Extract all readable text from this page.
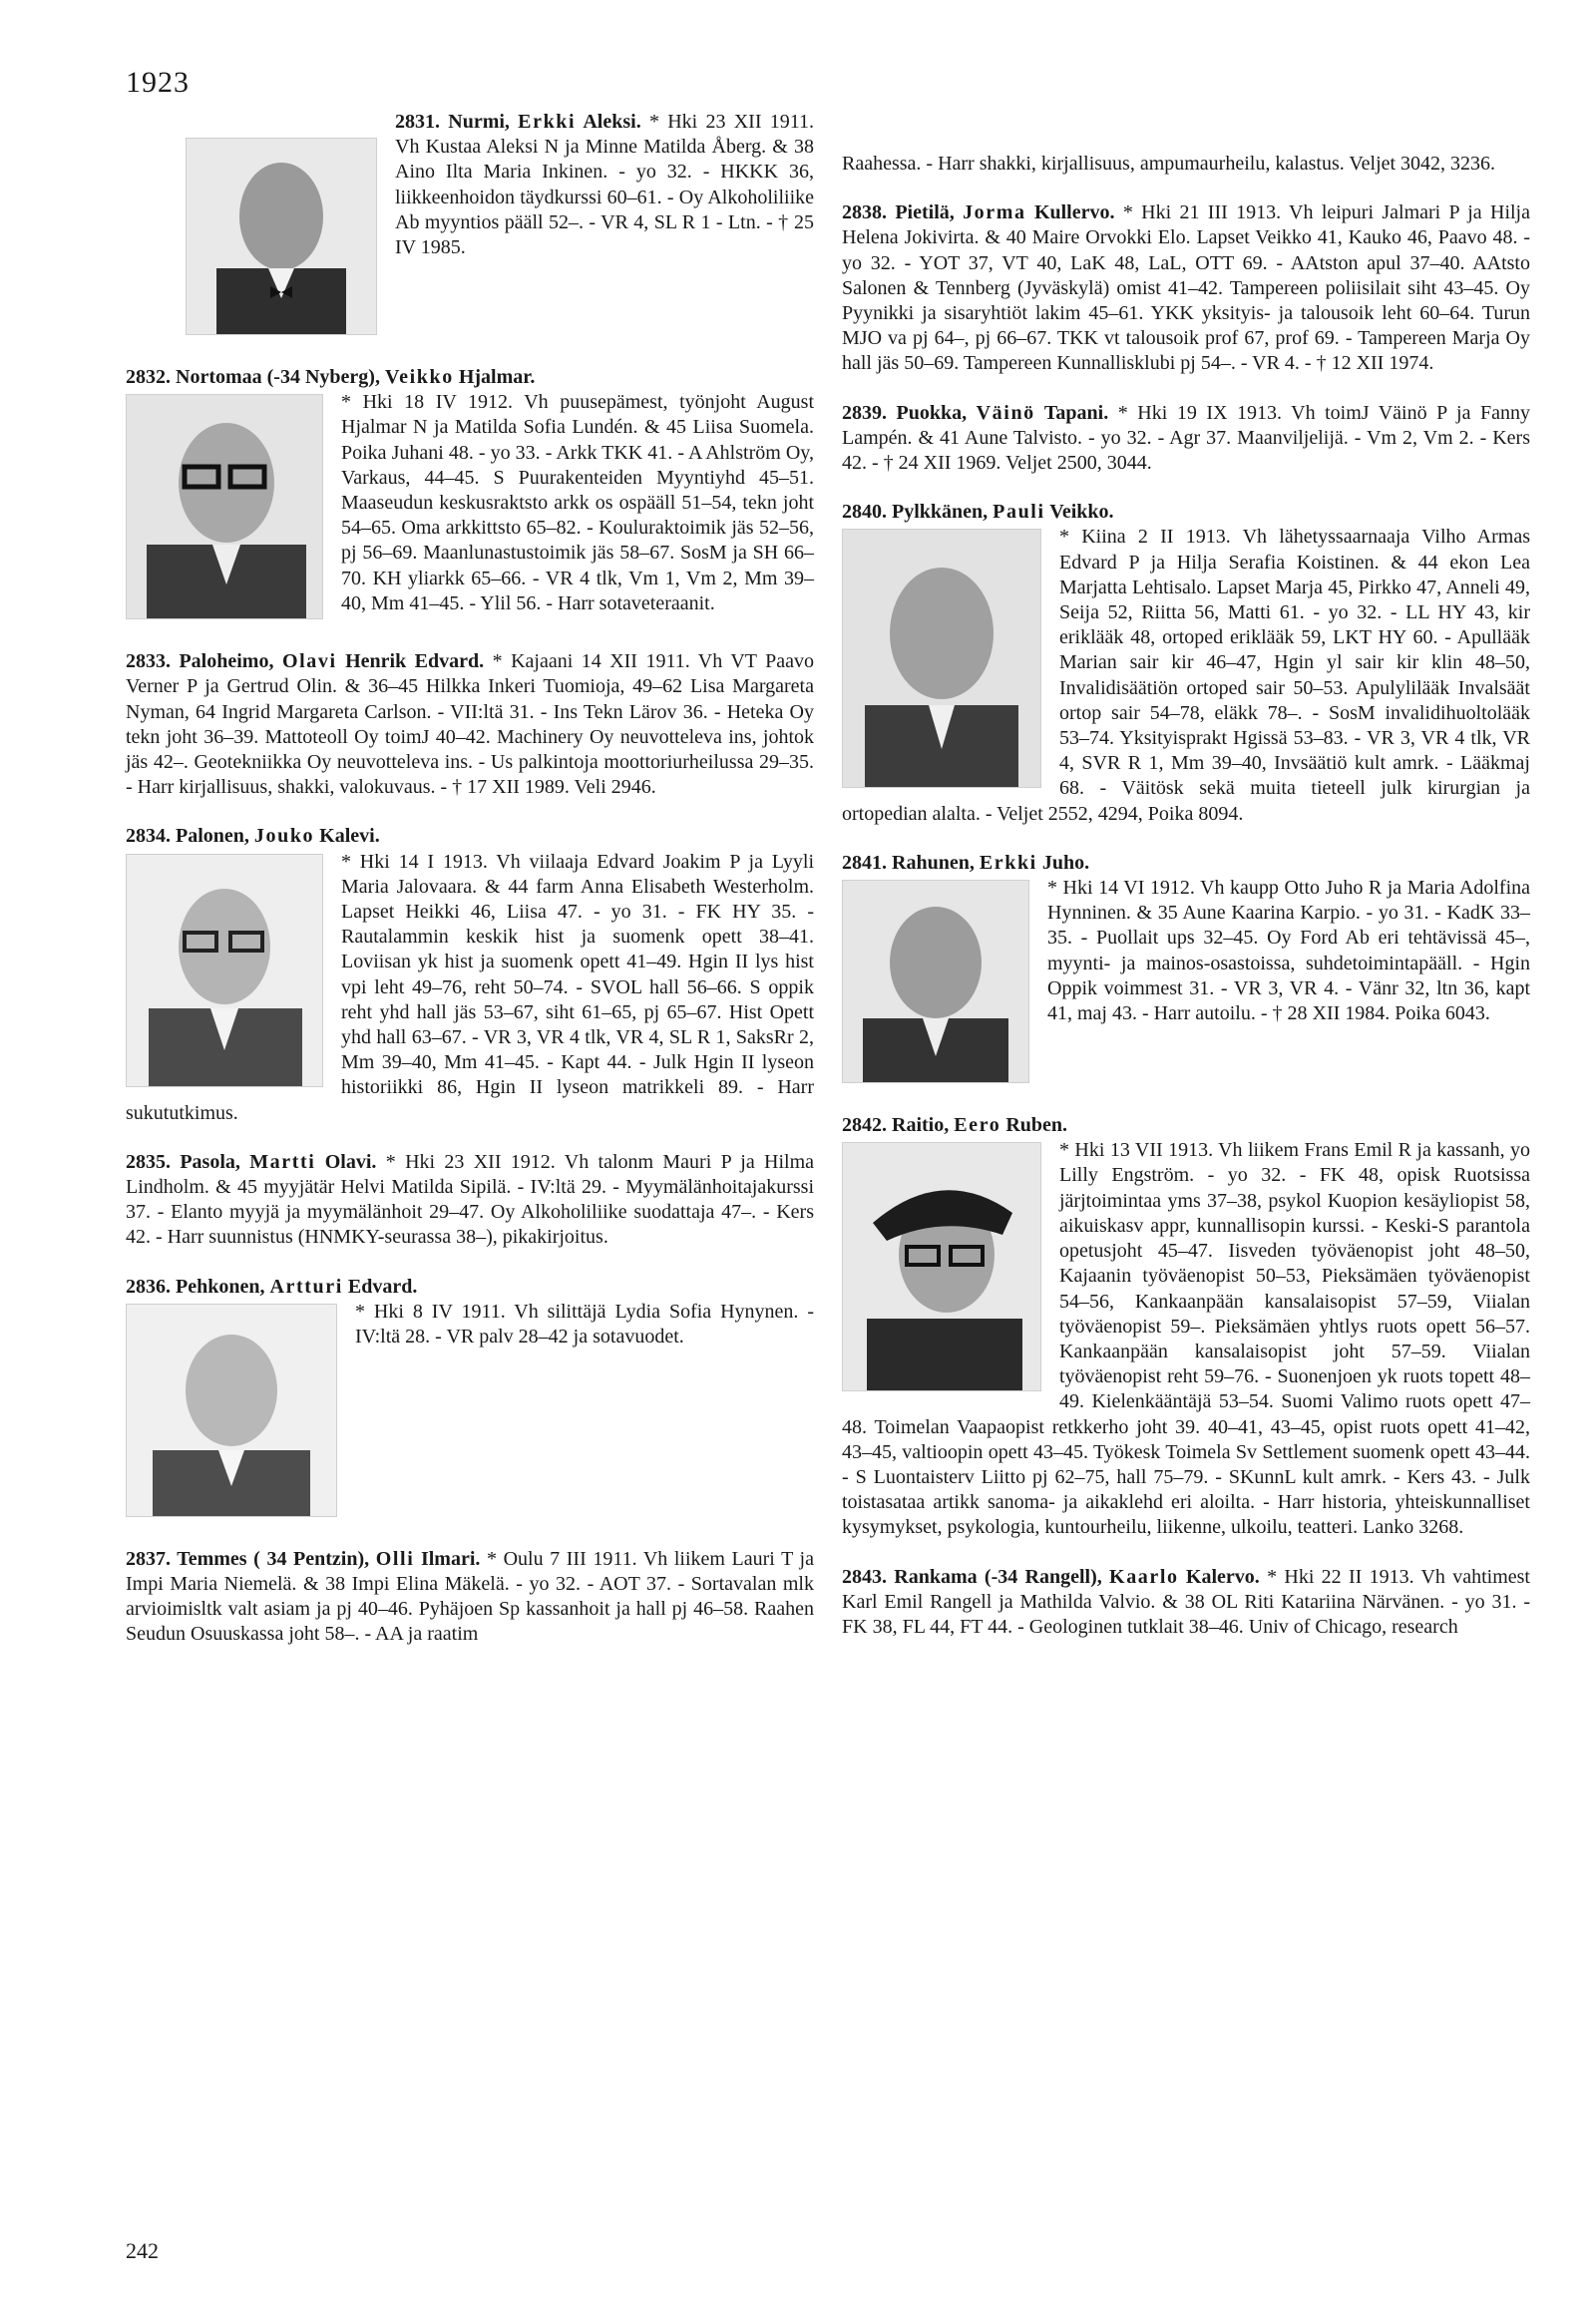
1923

2831. Nurmi, Erkki Aleksi. * Hki 23 XII 1911. Vh Kustaa Aleksi N ja Minne Matilda Åberg. & 38 Aino Ilta Maria Inkinen. - yo 32. - HKKK 36, liikkeenhoidon täydkurssi 60–61. - Oy Alkoholiliike Ab myyntios pääll 52–. - VR 4, SL R 1 - Ltn. - † 25 IV 1985.

2832. Nortomaa (-34 Nyberg), Veikko Hjalmar.

* Hki 18 IV 1912. Vh puusepämest, työnjoht August Hjalmar N ja Matilda Sofia Lundén. & 45 Liisa Suomela. Poika Juhani 48. - yo 33. - Arkk TKK 41. - A Ahlström Oy, Varkaus, 44–45. S Puurakenteiden Myyntiyhd 45–51. Maaseudun keskusraktsto arkk os ospääll 51–54, tekn joht 54–65. Oma arkkittsto 65–82. - Kouluraktoimik jäs 52–56, pj 56–69. Maanlunastustoimik jäs 58–67. SosM ja SH 66–70. KH yliarkk 65–66. - VR 4 tlk, Vm 1, Vm 2, Mm 39–40, Mm 41–45. - Ylil 56. - Harr sotaveteraanit.

2833. Paloheimo, Olavi Henrik Edvard. * Kajaani 14 XII 1911. Vh VT Paavo Verner P ja Gertrud Olin. & 36–45 Hilkka Inkeri Tuomioja, 49–62 Lisa Margareta Nyman, 64 Ingrid Margareta Carlson. - VII:ltä 31. - Ins Tekn Lärov 36. - Heteka Oy tekn joht 36–39. Mattoteoll Oy toimJ 40–42. Machinery Oy neuvotteleva ins, johtok jäs 42–. Geotekniikka Oy neuvotteleva ins. - Us palkintoja moottoriurheilussa 29–35. - Harr kirjallisuus, shakki, valokuvaus. - † 17 XII 1989. Veli 2946.

2834. Palonen, Jouko Kalevi.

* Hki 14 I 1913. Vh viilaaja Edvard Joakim P ja Lyyli Maria Jalovaara. & 44 farm Anna Elisabeth Westerholm. Lapset Heikki 46, Liisa 47. - yo 31. - FK HY 35. - Rautalammin keskik hist ja suomenk opett 38–41. Loviisan yk hist ja suomenk opett 41–49. Hgin II lys hist vpi leht 49–76, reht 50–74. - SVOL hall 56–66. S oppik reht yhd hall jäs 53–67, siht 61–65, pj 65–67. Hist Opett yhd hall 63–67. - VR 3, VR 4 tlk, VR 4, SL R 1, SaksRr 2, Mm 39–40, Mm 41–45. - Kapt 44. - Julk Hgin II lyseon historiikki 86, Hgin II lyseon matrikkeli 89. - Harr sukututkimus.

2835. Pasola, Martti Olavi. * Hki 23 XII 1912. Vh talonm Mauri P ja Hilma Lindholm. & 45 myyjätär Helvi Matilda Sipilä. - IV:ltä 29. - Myymälänhoitajakurssi 37. - Elanto myyjä ja myymälänhoit 29–47. Oy Alkoholiliike suodattaja 47–. - Kers 42. - Harr suunnistus (HNMKY-seurassa 38–), pikakirjoitus.

2836. Pehkonen, Artturi Edvard.

* Hki 8 IV 1911. Vh silittäjä Lydia Sofia Hynynen. - IV:ltä 28. - VR palv 28–42 ja sotavuodet.

2837. Temmes ( 34 Pentzin), Olli Ilmari. * Oulu 7 III 1911. Vh liikem Lauri T ja Impi Maria Niemelä. & 38 Impi Elina Mäkelä. - yo 32. - AOT 37. - Sortavalan mlk arvioimisltk valt asiam ja pj 40–46. Pyhäjoen Sp kassanhoit ja hall pj 46–58. Raahen Seudun Osuuskassa joht 58–. - AA ja raatim

Raahessa. - Harr shakki, kirjallisuus, ampumaurheilu, kalastus. Veljet 3042, 3236.

2838. Pietilä, Jorma Kullervo. * Hki 21 III 1913. Vh leipuri Jalmari P ja Hilja Helena Jokivirta. & 40 Maire Orvokki Elo. Lapset Veikko 41, Kauko 46, Paavo 48. - yo 32. - YOT 37, VT 40, LaK 48, LaL, OTT 69. - AAtston apul 37–40. AAtsto Salonen & Tennberg (Jyväskylä) omist 41–42. Tampereen poliisilait siht 43–45. Oy Pyynikki ja sisaryhtiöt lakim 45–61. YKK yksityis- ja talousoik leht 60–64. Turun MJO va pj 64–, pj 66–67. TKK vt talousoik prof 67, prof 69. - Tampereen Marja Oy hall jäs 50–69. Tampereen Kunnallisklubi pj 54–. - VR 4. - † 12 XII 1974.

2839. Puokka, Väinö Tapani. * Hki 19 IX 1913. Vh toimJ Väinö P ja Fanny Lampén. & 41 Aune Talvisto. - yo 32. - Agr 37. Maanviljelijä. - Vm 2, Vm 2. - Kers 42. - † 24 XII 1969. Veljet 2500, 3044.

2840. Pylkkänen, Pauli Veikko.

* Kiina 2 II 1913. Vh lähetyssaarnaaja Vilho Armas Edvard P ja Hilja Serafia Koistinen. & 44 ekon Lea Marjatta Lehtisalo. Lapset Marja 45, Pirkko 47, Anneli 49, Seija 52, Riitta 56, Matti 61. - yo 32. - LL HY 43, kir eriklääk 48, ortoped eriklääk 59, LKT HY 60. - Apullääk Marian sair kir 46–47, Hgin yl sair kir klin 48–50, Invalidisäätiön ortoped sair 50–53. Apulylilääk Invalsäät ortop sair 54–78, eläkk 78–. - SosM invalidihuoltolääk 53–74. Yksityisprakt Hgissä 53–83. - VR 3, VR 4 tlk, VR 4, SVR R 1, Mm 39–40, Invsäätiö kult amrk. - Lääkmaj 68. - Väitösk sekä muita tieteell julk kirurgian ja ortopedian alalta. - Veljet 2552, 4294, Poika 8094.

2841. Rahunen, Erkki Juho.

* Hki 14 VI 1912. Vh kaupp Otto Juho R ja Maria Adolfina Hynninen. & 35 Aune Kaarina Karpio. - yo 31. - KadK 33–35. - Puollait ups 32–45. Oy Ford Ab eri tehtävissä 45–, myynti- ja mainos-osastoissa, suhdetoimintapääll. - Hgin Oppik voimmest 31. - VR 3, VR 4. - Vänr 32, ltn 36, kapt 41, maj 43. - Harr autoilu. - † 28 XII 1984. Poika 6043.

2842. Raitio, Eero Ruben.

* Hki 13 VII 1913. Vh liikem Frans Emil R ja kassanh, yo Lilly Engström. - yo 32. - FK 48, opisk Ruotsissa järjtoimintaa yms 37–38, psykol Kuopion kesäyliopist 58, aikuiskasv appr, kunnallisopin kurssi. - Keski-S parantola opetusjoht 45–47. Iisveden työväenopist joht 48–50, Kajaanin työväenopist 50–53, Pieksämäen työväenopist 54–56, Kankaanpään kansalaisopist 57–59, Viialan työväenopist 59–. Pieksämäen yhtlys ruots opett 56–57. Kankaanpään kansalaisopist joht 57–59. Viialan työväenopist reht 59–76. - Suonenjoen yk ruots topett 48–49. Kielenkääntäjä 53–54. Suomi Valimo ruots opett 47–48. Toimelan Vaapaopist retkkerho joht 39. 40–41, 43–45, opist ruots opett 41–42, 43–45, valtioopin opett 43–45. Työkesk Toimela Sv Settlement suomenk opett 43–44. - S Luontaisterv Liitto pj 62–75, hall 75–79. - SKunnL kult amrk. - Kers 43. - Julk toistasataa artikk sanoma- ja aikaklehd eri aloilta. - Harr historia, yhteiskunnalliset kysymykset, psykologia, kuntourheilu, liikenne, ulkoilu, teatteri. Lanko 3268.

2843. Rankama (-34 Rangell), Kaarlo Kalervo. * Hki 22 II 1913. Vh vahtimest Karl Emil Rangell ja Mathilda Valvio. & 38 OL Riti Katariina Närvänen. - yo 31. - FK 38, FL 44, FT 44. - Geologinen tutklait 38–46. Univ of Chicago, research

242
